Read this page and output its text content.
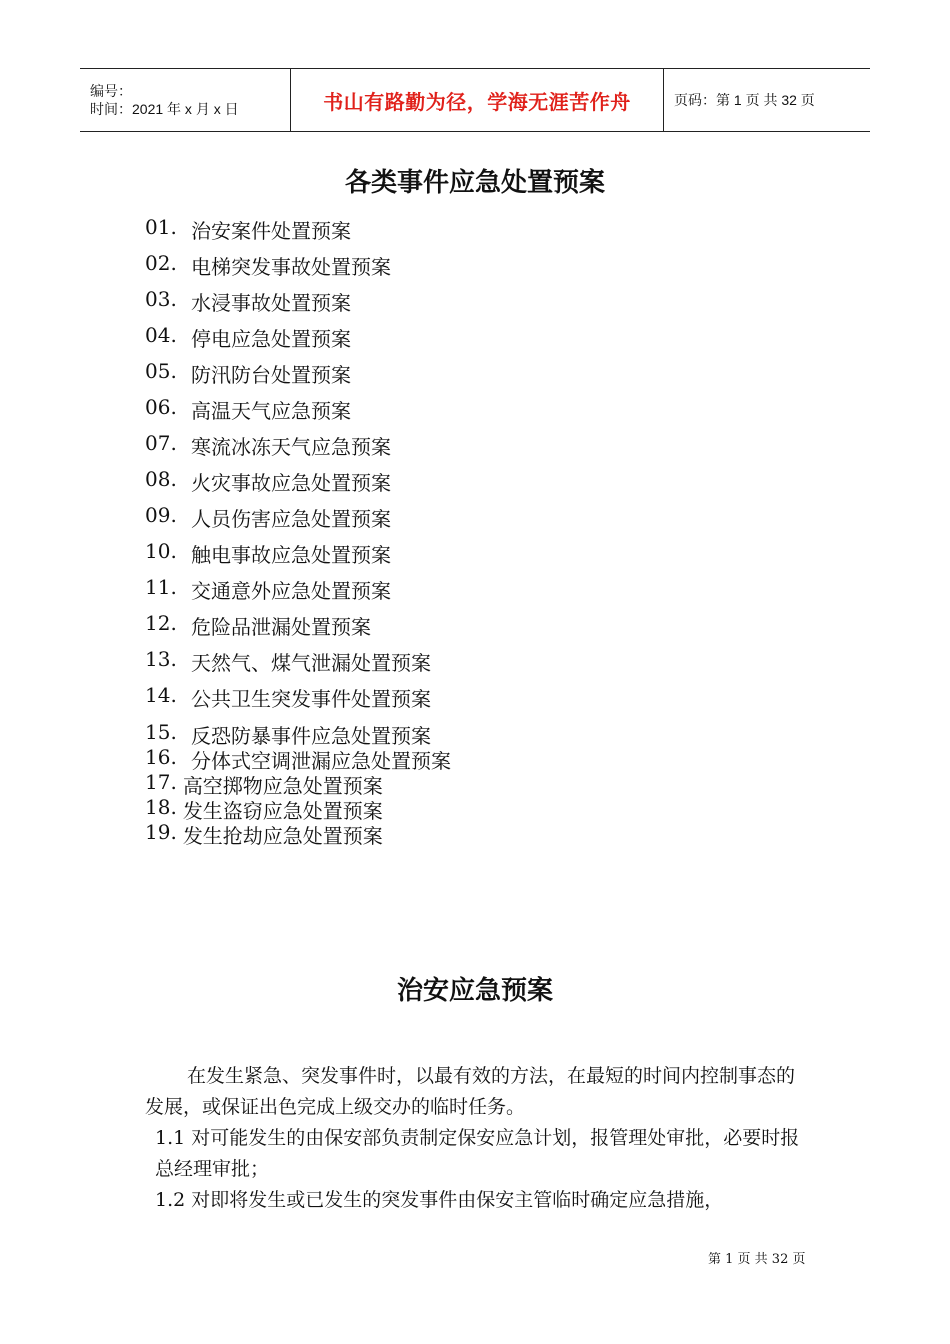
编号：
时间：2021 年 x 月 x 日	书山有路勤为径，学海无涯苦作舟	页码：第 1 页 共 32 页
各类事件应急处置预案
01. 治安案件处置预案
02. 电梯突发事故处置预案
03. 水浸事故处置预案
04. 停电应急处置预案
05. 防汛防台处置预案
06. 高温天气应急预案
07. 寒流冰冻天气应急预案
08. 火灾事故应急处置预案
09. 人员伤害应急处置预案
10. 触电事故应急处置预案
11. 交通意外应急处置预案
12. 危险品泄漏处置预案
13. 天然气、煤气泄漏处置预案
14. 公共卫生突发事件处置预案
15. 反恐防暴事件应急处置预案
16. 分体式空调泄漏应急处置预案
17. 高空掷物应急处置预案
18. 发生盗窃应急处置预案
19. 发生抢劫应急处置预案
治安应急预案

在发生紧急、突发事件时，以最有效的方法，在最短的时间内控制事态的发展，或保证出色完成上级交办的临时任务。

1.1 对可能发生的由保安部负责制定保安应急计划，报管理处审批，必要时报总经理审批；

1.2 对即将发生或已发生的突发事件由保安主管临时确定应急措施，

第 1 页 共 32 页
